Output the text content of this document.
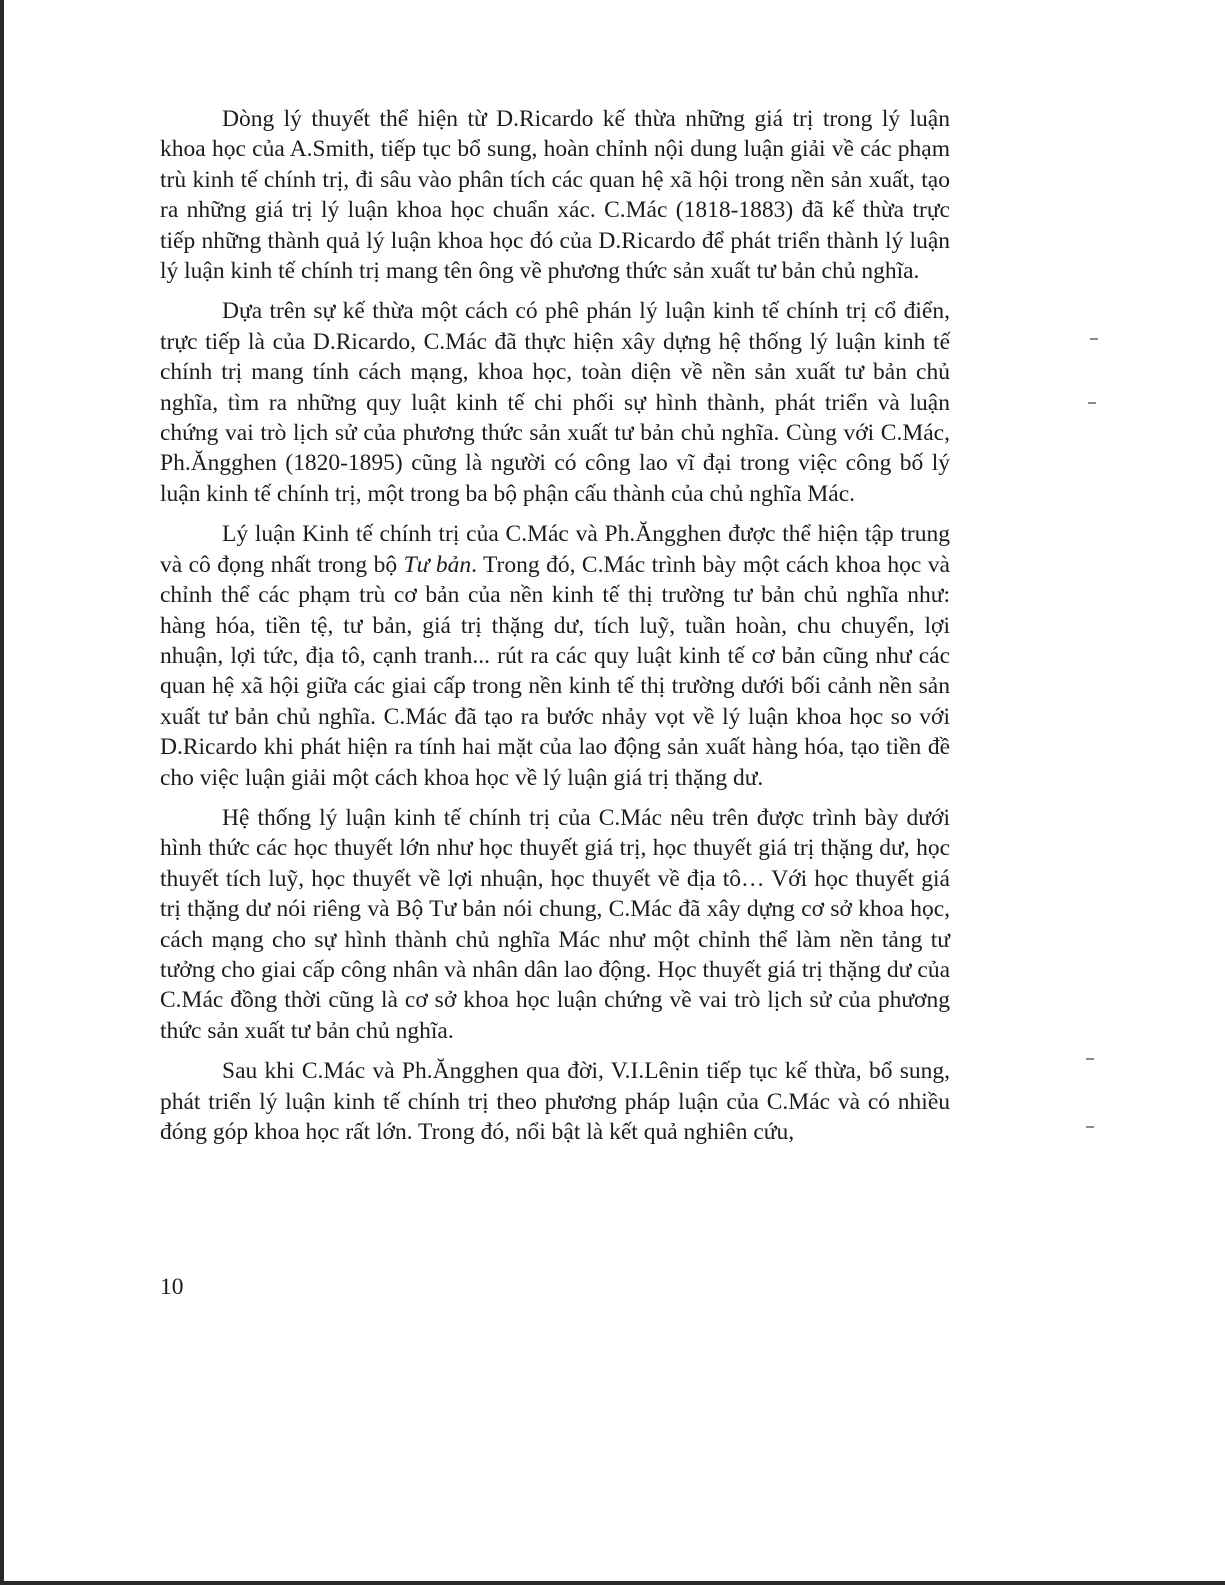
Dòng lý thuyết thể hiện từ D.Ricardo kế thừa những giá trị trong lý luận khoa học của A.Smith, tiếp tục bổ sung, hoàn chỉnh nội dung luận giải về các phạm trù kinh tế chính trị, đi sâu vào phân tích các quan hệ xã hội trong nền sản xuất, tạo ra những giá trị lý luận khoa học chuẩn xác. C.Mác (1818-1883) đã kế thừa trực tiếp những thành quả lý luận khoa học đó của D.Ricardo để phát triển thành lý luận lý luận kinh tế chính trị mang tên ông về phương thức sản xuất tư bản chủ nghĩa.

Dựa trên sự kế thừa một cách có phê phán lý luận kinh tế chính trị cổ điển, trực tiếp là của D.Ricardo, C.Mác đã thực hiện xây dựng hệ thống lý luận kinh tế chính trị mang tính cách mạng, khoa học, toàn diện về nền sản xuất tư bản chủ nghĩa, tìm ra những quy luật kinh tế chi phối sự hình thành, phát triển và luận chứng vai trò lịch sử của phương thức sản xuất tư bản chủ nghĩa. Cùng với C.Mác, Ph.Ăngghen (1820-1895) cũng là người có công lao vĩ đại trong việc công bố lý luận kinh tế chính trị, một trong ba bộ phận cấu thành của chủ nghĩa Mác.

Lý luận Kinh tế chính trị của C.Mác và Ph.Ăngghen được thể hiện tập trung và cô đọng nhất trong bộ Tư bản. Trong đó, C.Mác trình bày một cách khoa học và chỉnh thể các phạm trù cơ bản của nền kinh tế thị trường tư bản chủ nghĩa như: hàng hóa, tiền tệ, tư bản, giá trị thặng dư, tích luỹ, tuần hoàn, chu chuyển, lợi nhuận, lợi tức, địa tô, cạnh tranh... rút ra các quy luật kinh tế cơ bản cũng như các quan hệ xã hội giữa các giai cấp trong nền kinh tế thị trường dưới bối cảnh nền sản xuất tư bản chủ nghĩa. C.Mác đã tạo ra bước nhảy vọt về lý luận khoa học so với D.Ricardo khi phát hiện ra tính hai mặt của lao động sản xuất hàng hóa, tạo tiền đề cho việc luận giải một cách khoa học về lý luận giá trị thặng dư.

Hệ thống lý luận kinh tế chính trị của C.Mác nêu trên được trình bày dưới hình thức các học thuyết lớn như học thuyết giá trị, học thuyết giá trị thặng dư, học thuyết tích luỹ, học thuyết về lợi nhuận, học thuyết về địa tô… Với học thuyết giá trị thặng dư nói riêng và Bộ Tư bản nói chung, C.Mác đã xây dựng cơ sở khoa học, cách mạng cho sự hình thành chủ nghĩa Mác như một chỉnh thể làm nền tảng tư tưởng cho giai cấp công nhân và nhân dân lao động. Học thuyết giá trị thặng dư của C.Mác đồng thời cũng là cơ sở khoa học luận chứng về vai trò lịch sử của phương thức sản xuất tư bản chủ nghĩa.

Sau khi C.Mác và Ph.Ăngghen qua đời, V.I.Lênin tiếp tục kế thừa, bổ sung, phát triển lý luận kinh tế chính trị theo phương pháp luận của C.Mác và có nhiều đóng góp khoa học rất lớn. Trong đó, nổi bật là kết quả nghiên cứu,

10
